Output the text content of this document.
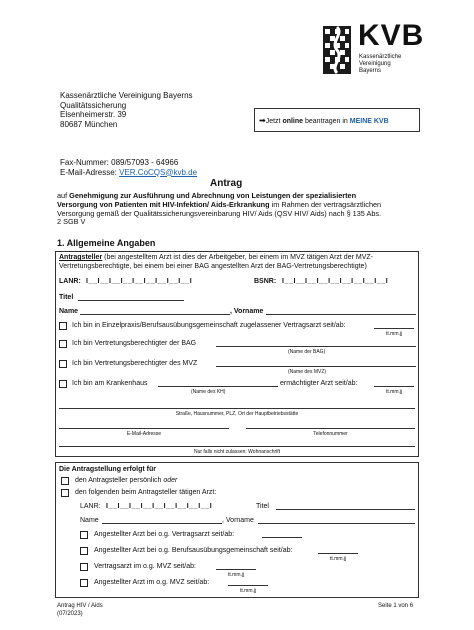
KVB
Kassenärztliche
Vereinigung
Bayerns
Kassenärztliche Vereinigung Bayerns
Qualitätssicherung
Elsenheimerstr. 39
80687 München	➡Jetzt online beantragen in MEINE KVB
Fax-Nummer: 089/57093 - 64966
E-Mail-Adresse: VER.CoCQS@kvb.de
Antrag
auf Genehmigung zur Ausführung und Abrechnung von Leistungen der spezialisierten
Versorgung von Patienten mit HIV-Infektion/ Aids-Erkrankung im Rahmen der vertragsärztlichen
Versorgung gemäß der Qualitätssicherungsvereinbarung HIV/ Aids (QSV HIV/ Aids) nach § 135 Abs.
2 SGB V
1. Allgemeine Angaben
Antragsteller (bei angestelltem Arzt ist dies der Arbeitgeber, bei einem im MVZ tätigen Arzt der MVZ-
Vertretungsberechtigte, bei einem bei einer BAG angestellten Arzt der BAG-Vertretungsberechtigte)
LANR: I__I__I__I__I__I__I__I__I__I	BSNR: I__I__I__I__I__I__I__I__I__I
Titel
Name	, Vorname
Ich bin in Einzelpraxis/Berufsausübungsgemeinschaft zugelassener Vertragsarzt seit/ab:
tt.mm.jj
Ich bin Vertretungsberechtigter der BAG
(Name der BAG)
Ich bin Vertretungsberechtigter des MVZ
(Name des MVZ)
Ich bin am Krankenhaus	ermächtigter Arzt seit/ab:
(Name des KH)	tt.mm.jj
Straße, Hausnummer, PLZ, Ort der Hauptbetriebsstätte
E-Mail-Adresse	Telefonnummer
Nur falls nicht zulassen: Wohnanschrift
Die Antragstellung erfolgt für
den Antragsteller persönlich oder
den folgenden beim Antragsteller tätigen Arzt:
LANR: I__I__I__I__I__I__I__I__I__I	Titel
Name	, Vorname
Angestellter Arzt bei o.g. Vertragsarzt seit/ab:
Angestellter Arzt bei o.g. Berufsausübungsgemeinschaft seit/ab:
tt.mm.jj
Vertragsarzt im o.g. MVZ seit/ab:
tt.mm.jj
Angestellter Arzt im o.g. MVZ seit/ab:
tt.mm.jj
Antrag HIV / Aids
(07/2023)
Seite 1 von 6
